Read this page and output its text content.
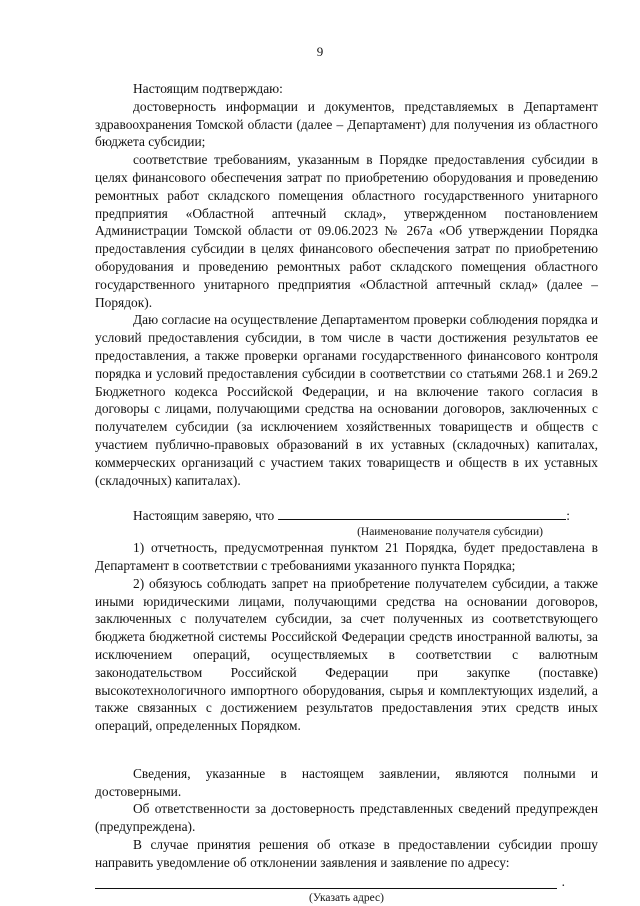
9

Настоящим подтверждаю:

достоверность информации и документов, представляемых в Департамент здравоохранения Томской области (далее – Департамент) для получения из областного бюджета субсидии;

соответствие требованиям, указанным в Порядке предоставления субсидии в целях финансового обеспечения затрат по приобретению оборудования и проведению ремонтных работ складского помещения областного государственного унитарного предприятия «Областной аптечный склад», утвержденном постановлением Администрации Томской области от 09.06.2023 № 267а «Об утверждении Порядка предоставления субсидии в целях финансового обеспечения затрат по приобретению оборудования и проведению ремонтных работ складского помещения областного государственного унитарного предприятия «Областной аптечный склад» (далее – Порядок).

Даю согласие на осуществление Департаментом проверки соблюдения порядка и условий предоставления субсидии, в том числе в части достижения результатов ее предоставления, а также проверки органами государственного финансового контроля порядка и условий предоставления субсидии в соответствии со статьями 268.1 и 269.2 Бюджетного кодекса Российской Федерации, и на включение такого согласия в договоры с лицами, получающими средства на основании договоров, заключенных с получателем субсидии (за исключением хозяйственных товариществ и обществ с участием публично-правовых образований в их уставных (складочных) капиталах, коммерческих организаций с участием таких товариществ и обществ в их уставных (складочных) капиталах).

Настоящим заверяю, что	:
(Наименование получателя субсидии)

1) отчетность, предусмотренная пунктом 21 Порядка, будет предоставлена в Департамент в соответствии с требованиями указанного пункта Порядка;

2) обязуюсь соблюдать запрет на приобретение получателем субсидии, а также иными юридическими лицами, получающими средства на основании договоров, заключенных с получателем субсидии, за счет полученных из соответствующего бюджета бюджетной системы Российской Федерации средств иностранной валюты, за исключением операций, осуществляемых в соответствии с валютным законодательством Российской Федерации при закупке (поставке) высокотехнологичного импортного оборудования, сырья и комплектующих изделий, а также связанных с достижением результатов предоставления этих средств иных операций, определенных Порядком.

Сведения, указанные в настоящем заявлении, являются полными и достоверными.

Об ответственности за достоверность представленных сведений предупрежден (предупреждена).

В случае принятия решения об отказе в предоставлении субсидии прошу направить уведомление об отклонении заявления и заявление по адресу:

.
(Указать адрес)
